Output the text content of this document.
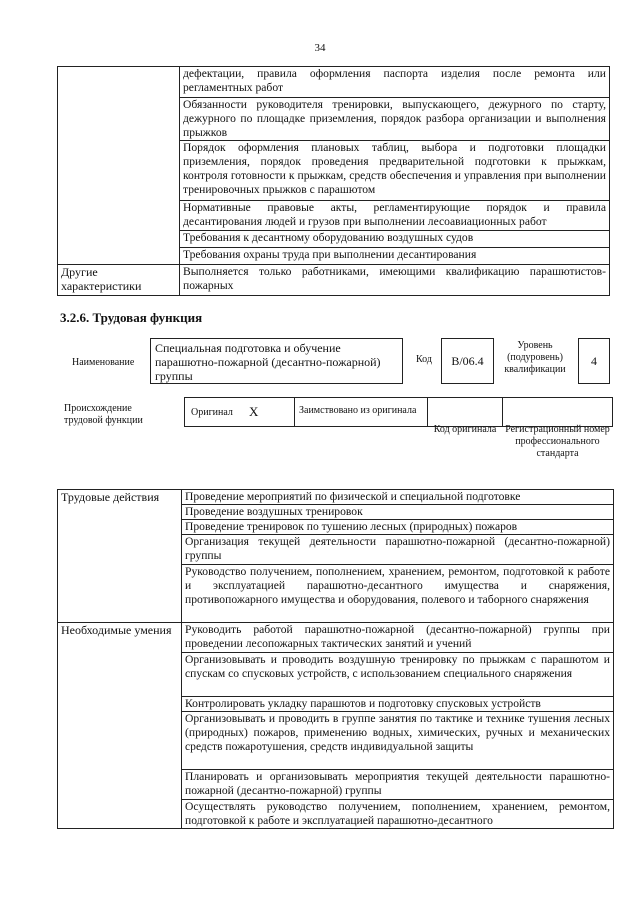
34
	дефектации, правила оформления паспорта изделия после ремонта или регламентных работ
	Обязанности руководителя тренировки, выпускающего, дежурного по старту, дежурного по площадке приземления, порядок разбора организации и выполнения прыжков
	Порядок оформления плановых таблиц, выбора и подготовки площадки приземления, порядок проведения предварительной подготовки к прыжкам, контроля готовности к прыжкам, средств обеспечения и управления при выполнении тренировочных прыжков с парашютом
	Нормативные правовые акты, регламентирующие порядок и правила десантирования людей и грузов при выполнении лесоавиационных работ
	Требования к десантному оборудованию воздушных судов
	Требования охраны труда при выполнении десантирования
Другие характеристики	Выполняется только работниками, имеющими квалификацию парашютистов-пожарных
3.2.6. Трудовая функция
Наименование
Специальная подготовка и обучение парашютно-пожарной (десантно-пожарной) группы
Код	B/06.4
Уровень (подуровень) квалификации
4
Происхождение трудовой функции
Оригинал X	Заимствовано из оригинала
Код оригинала Регистрационный номер профессионального стандарта
Трудовые действия	Проведение мероприятий по физической и специальной подготовке
	Проведение воздушных тренировок
	Проведение тренировок по тушению лесных (природных) пожаров
	Организация текущей деятельности парашютно-пожарной (десантно-пожарной) группы
	Руководство получением, пополнением, хранением, ремонтом, подготовкой к работе и эксплуатацией парашютно-десантного имущества и снаряжения, противопожарного имущества и оборудования, полевого и таборного снаряжения
Необходимые умения	Руководить работой парашютно-пожарной (десантно-пожарной) группы при проведении лесопожарных тактических занятий и учений
	Организовывать и проводить воздушную тренировку по прыжкам с парашютом и спускам со спусковых устройств, с использованием специального снаряжения
	Контролировать укладку парашютов и подготовку спусковых устройств
	Организовывать и проводить в группе занятия по тактике и технике тушения лесных (природных) пожаров, применению водных, химических, ручных и механических средств пожаротушения, средств индивидуальной защиты
	Планировать и организовывать мероприятия текущей деятельности парашютно-пожарной (десантно-пожарной) группы
	Осуществлять руководство получением, пополнением, хранением, ремонтом, подготовкой к работе и эксплуатацией парашютно-десантного
